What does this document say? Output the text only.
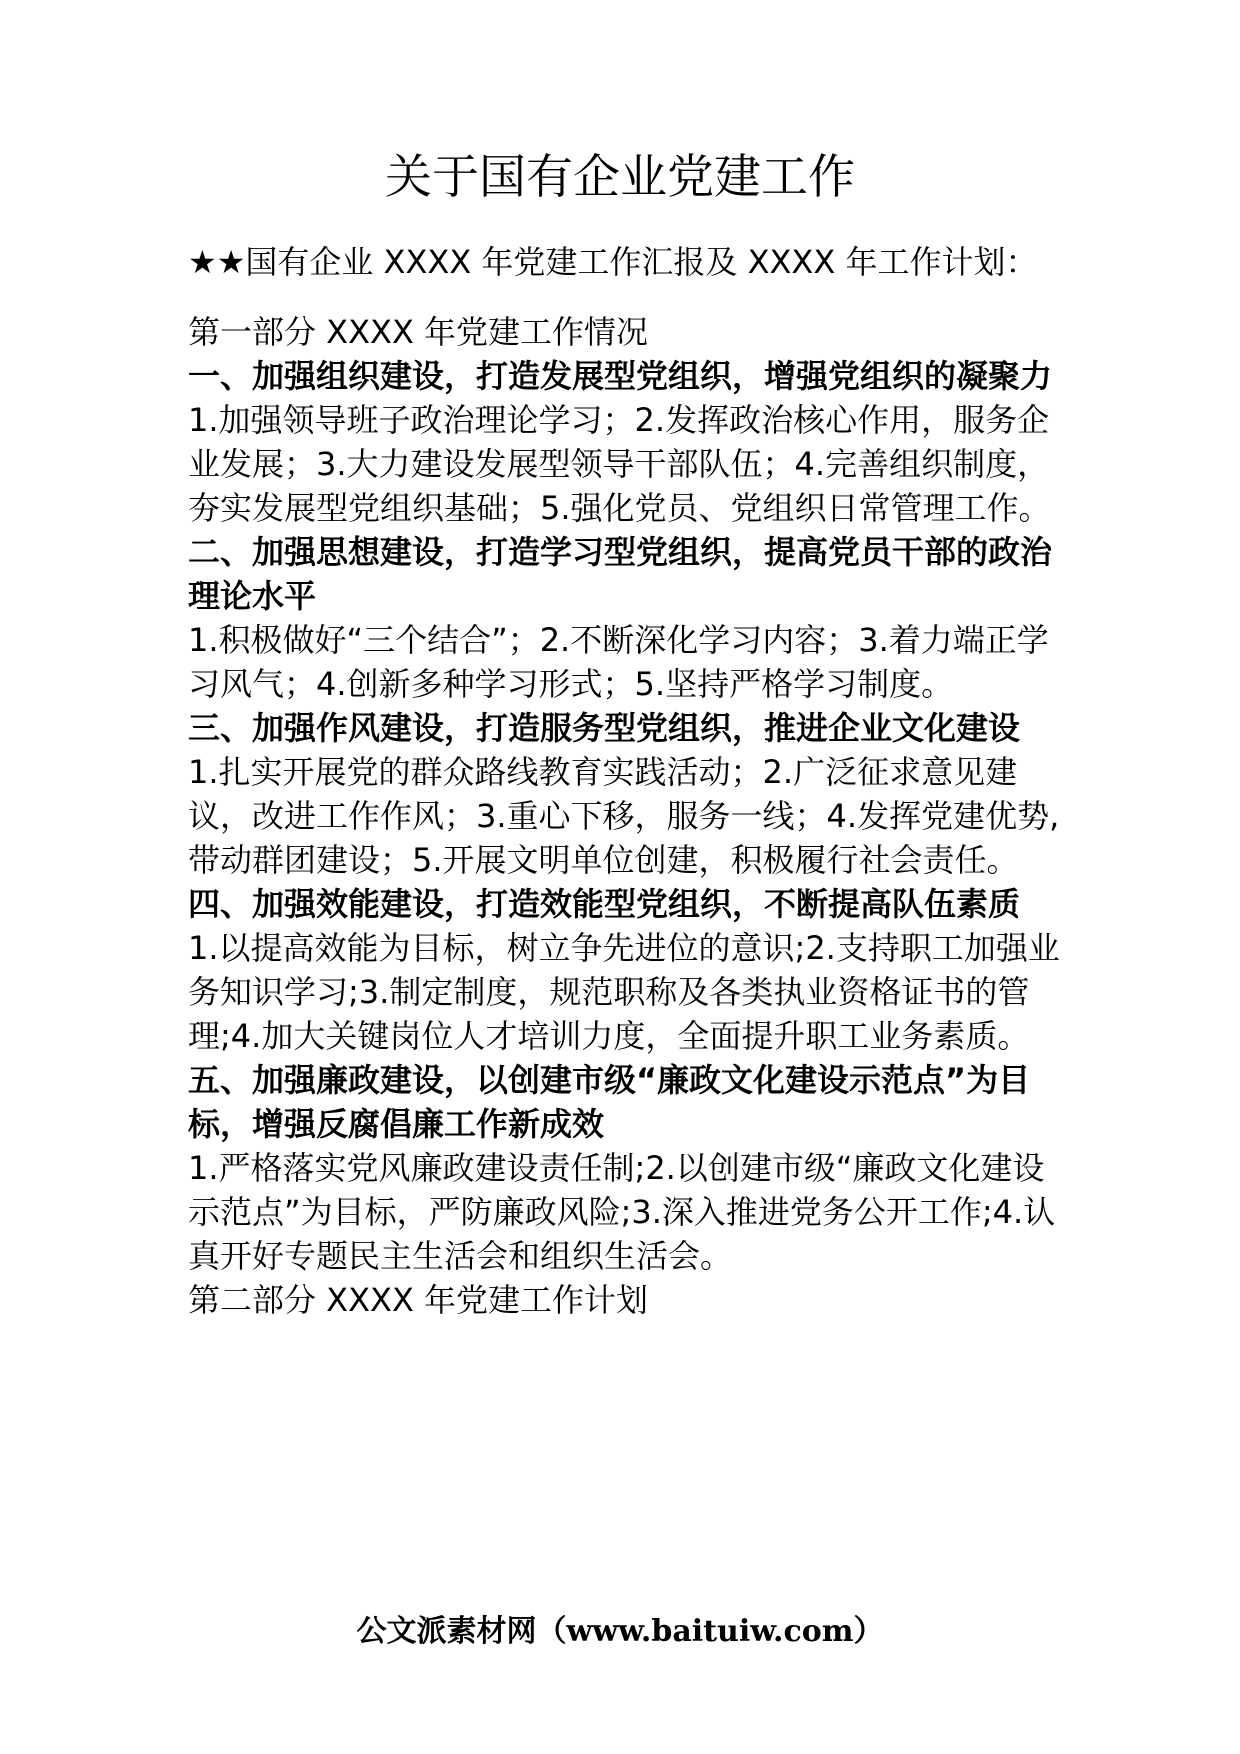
关于国有企业党建工作

★★国有企业 XXXX 年党建工作汇报及 XXXX 年工作计划：

第一部分 XXXX 年党建工作情况

一、加强组织建设，打造发展型党组织，增强党组织的凝聚力

1.加强领导班子政治理论学习；2.发挥政治核心作用，服务企业发展；3.大力建设发展型领导干部队伍；4.完善组织制度，夯实发展型党组织基础；5.强化党员、党组织日常管理工作。

二、加强思想建设，打造学习型党组织，提高党员干部的政治理论水平

1.积极做好“三个结合”；2.不断深化学习内容；3.着力端正学习风气；4.创新多种学习形式；5.坚持严格学习制度。

三、加强作风建设，打造服务型党组织，推进企业文化建设

1.扎实开展党的群众路线教育实践活动；2.广泛征求意见建议，改进工作作风；3.重心下移，服务一线；4.发挥党建优势,带动群团建设；5.开展文明单位创建，积极履行社会责任。

四、加强效能建设，打造效能型党组织，不断提高队伍素质

1.以提高效能为目标，树立争先进位的意识;2.支持职工加强业务知识学习;3.制定制度，规范职称及各类执业资格证书的管理;4.加大关键岗位人才培训力度，全面提升职工业务素质。

五、加强廉政建设，以创建市级“廉政文化建设示范点”为目标，增强反腐倡廉工作新成效

1.严格落实党风廉政建设责任制;2.以创建市级“廉政文化建设示范点”为目标，严防廉政风险;3.深入推进党务公开工作;4.认真开好专题民主生活会和组织生活会。

第二部分 XXXX 年党建工作计划

公文派素材网（www.baituiw.com）
